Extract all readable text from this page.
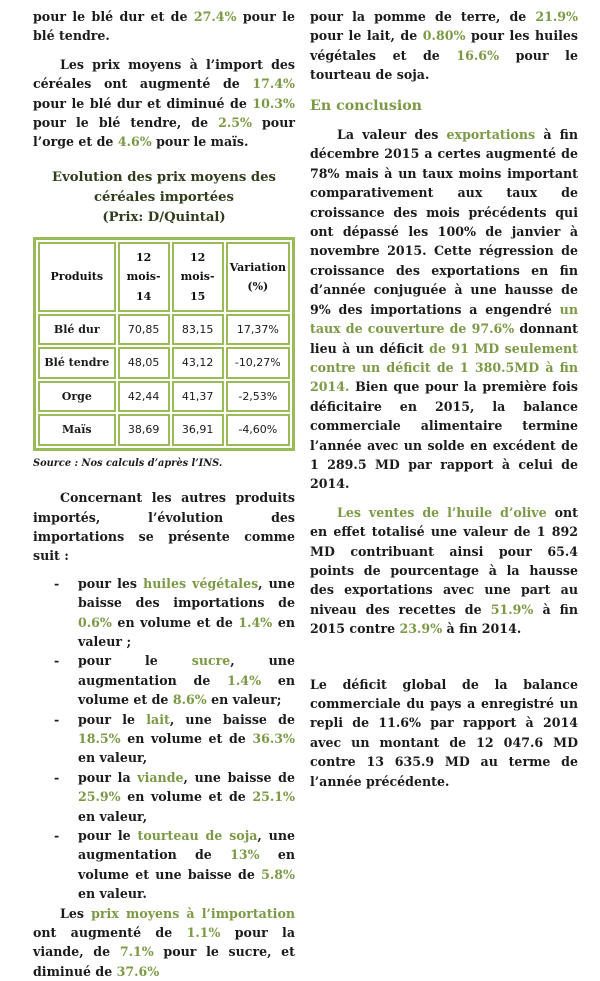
pour le blé dur et de 27.4% pour le blé tendre.

Les prix moyens à l’import des céréales ont augmenté de 17.4% pour le blé dur et diminué de 10.3% pour le blé tendre, de 2.5% pour l’orge et de 4.6% pour le maïs.

Evolution des prix moyens des
céréales importées
(Prix: D/Quintal)
Produits	12 mois-14	12 mois-15	Variation (%)
Blé dur	70,85	83,15	17,37%
Blé tendre	48,05	43,12	-10,27%
Orge	42,44	41,37	-2,53%
Maïs	38,69	36,91	-4,60%
Source : Nos calculs d’après l’INS.

Concernant les autres produits importés, l’évolution des importations se présente comme suit :

- pour les huiles végétales, une baisse des importations de 0.6% en volume et de 1.4% en valeur ;
- pour le sucre, une augmentation de 1.4% en volume et de 8.6% en valeur;
- pour le lait, une baisse de 18.5% en volume et de 36.3% en valeur,
- pour la viande, une baisse de 25.9% en volume et de 25.1% en valeur,
- pour le tourteau de soja, une augmentation de 13% en volume et une baisse de 5.8% en valeur.

Les prix moyens à l’importation ont augmenté de 1.1% pour la viande, de 7.1% pour le sucre, et diminué de 37.6%

pour la pomme de terre, de 21.9% pour le lait, de 0.80% pour les huiles végétales et de 16.6% pour le tourteau de soja.

En conclusion

La valeur des exportations à fin décembre 2015 a certes augmenté de 78% mais à un taux moins important comparativement aux taux de croissance des mois précédents qui ont dépassé les 100% de janvier à novembre 2015. Cette régression de croissance des exportations en fin d’année conjuguée à une hausse de 9% des importations a engendré un taux de couverture de 97.6% donnant lieu à un déficit de 91 MD seulement contre un déficit de 1 380.5MD à fin 2014. Bien que pour la première fois déficitaire en 2015, la balance commerciale alimentaire termine l’année avec un solde en excédent de 1 289.5 MD par rapport à celui de 2014.

Les ventes de l’huile d’olive ont en effet totalisé une valeur de 1 892 MD contribuant ainsi pour 65.4 points de pourcentage à la hausse des exportations avec une part au niveau des recettes de 51.9% à fin 2015 contre 23.9% à fin 2014.

Le déficit global de la balance commerciale du pays a enregistré un repli de 11.6% par rapport à 2014 avec un montant de 12 047.6 MD contre 13 635.9 MD au terme de l’année précédente.
